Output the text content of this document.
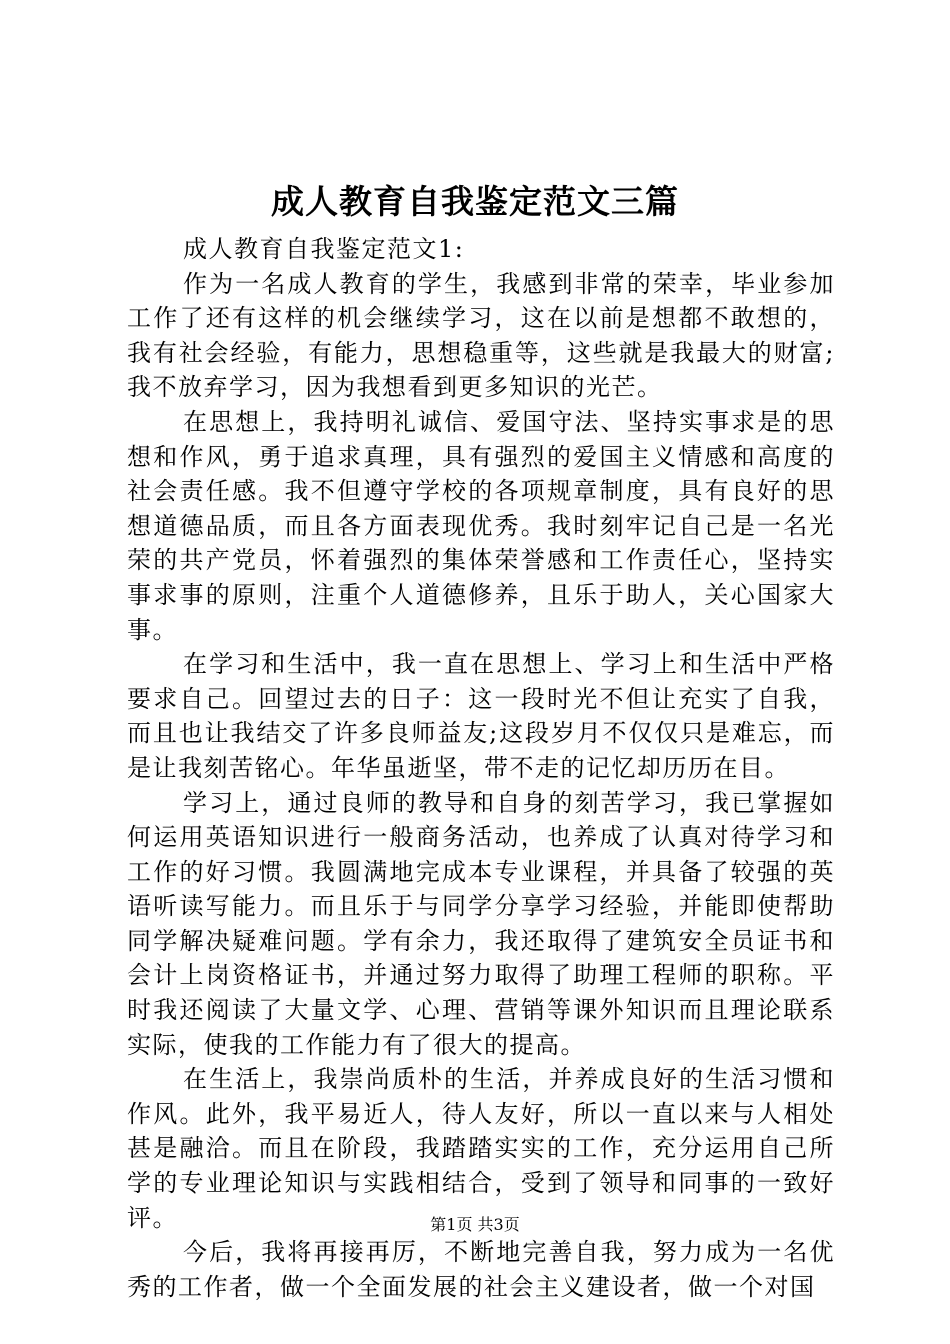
成人教育自我鉴定范文三篇

成人教育自我鉴定范文1:

作为一名成人教育的学生，我感到非常的荣幸，毕业参加工作了还有这样的机会继续学习，这在以前是想都不敢想的，我有社会经验，有能力，思想稳重等，这些就是我最大的财富;我不放弃学习，因为我想看到更多知识的光芒。

在思想上，我持明礼诚信、爱国守法、坚持实事求是的思想和作风，勇于追求真理，具有强烈的爱国主义情感和高度的社会责任感。我不但遵守学校的各项规章制度，具有良好的思想道德品质，而且各方面表现优秀。我时刻牢记自己是一名光荣的共产党员，怀着强烈的集体荣誉感和工作责任心，坚持实事求事的原则，注重个人道德修养，且乐于助人，关心国家大事。

在学习和生活中，我一直在思想上、学习上和生活中严格要求自己。回望过去的日子：这一段时光不但让充实了自我，而且也让我结交了许多良师益友;这段岁月不仅仅只是难忘，而是让我刻苦铭心。年华虽逝坚，带不走的记忆却历历在目。

学习上，通过良师的教导和自身的刻苦学习，我已掌握如何运用英语知识进行一般商务活动，也养成了认真对待学习和工作的好习惯。我圆满地完成本专业课程，并具备了较强的英语听读写能力。而且乐于与同学分享学习经验，并能即使帮助同学解决疑难问题。学有余力，我还取得了建筑安全员证书和会计上岗资格证书，并通过努力取得了助理工程师的职称。平时我还阅读了大量文学、心理、营销等课外知识而且理论联系实际，使我的工作能力有了很大的提高。

在生活上，我崇尚质朴的生活，并养成良好的生活习惯和作风。此外，我平易近人，待人友好，所以一直以来与人相处甚是融洽。而且在阶段，我踏踏实实的工作，充分运用自己所学的专业理论知识与实践相结合，受到了领导和同事的一致好评。

今后，我将再接再厉，不断地完善自我，努力成为一名优秀的工作者，做一个全面发展的社会主义建设者，做一个对国

第1页 共3页
